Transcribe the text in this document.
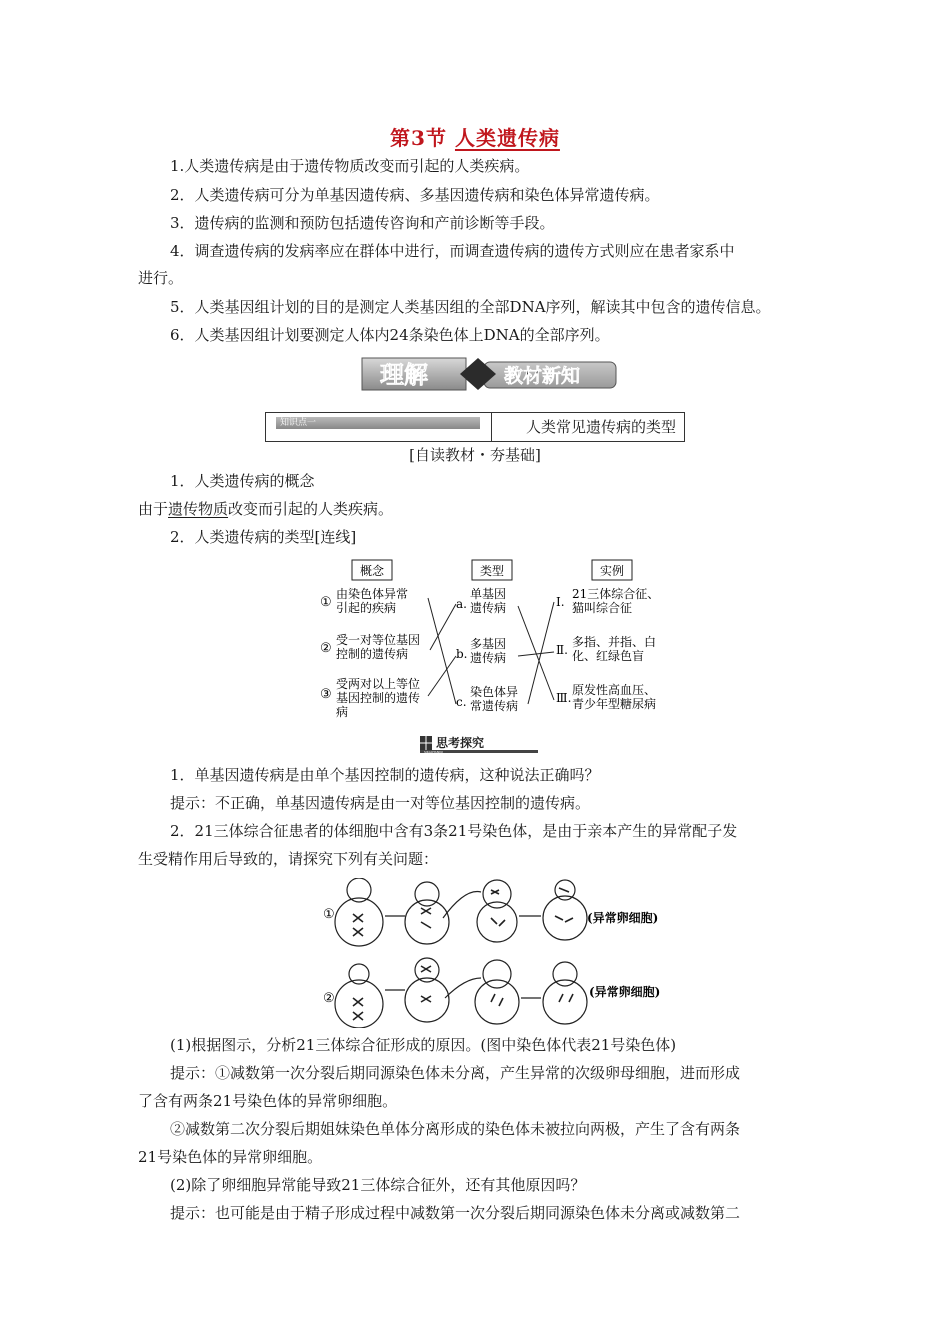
第3节 人类遗传病
1.人类遗传病是由于遗传物质改变而引起的人类疾病。
2．人类遗传病可分为单基因遗传病、多基因遗传病和染色体异常遗传病。
3．遗传病的监测和预防包括遗传咨询和产前诊断等手段。
4．调查遗传病的发病率应在群体中进行，而调查遗传病的遗传方式则应在患者家系中
进行。
5．人类基因组计划的目的是测定人类基因组的全部DNA序列，解读其中包含的遗传信息。
6．人类基因组计划要测定人体内24条染色体上DNA的全部序列。
理解	教材新知
知识点一	人类常见遗传病的类型
[自读教材・夯基础]
1．人类遗传病的概念
由于遗传物质改变而引起的人类疾病。
2．人类遗传病的类型[连线]
概念	类型	实例
①
由染色体异常
引起的疾病
②
受一对等位基因
控制的遗传病
③
受两对以上等位
基因控制的遗传
病
a.
单基因
遗传病
b.
多基因
遗传病
c.
染色体异
常遗传病
Ⅰ.
21三体综合征、
猫叫综合征
Ⅱ.
多指、并指、白
化、红绿色盲
Ⅲ.
原发性高血压、
青少年型糖尿病
思考探究
SIKAOTANJIU
1．单基因遗传病是由单个基因控制的遗传病，这种说法正确吗？
提示：不正确，单基因遗传病是由一对等位基因控制的遗传病。
2．21三体综合征患者的体细胞中含有3条21号染色体，是由于亲本产生的异常配子发
生受精作用后导致的，请探究下列有关问题：
①
②
(异常卵细胞)
(异常卵细胞)
(1)根据图示，分析21三体综合征形成的原因。(图中染色体代表21号染色体)
提示：①减数第一次分裂后期同源染色体未分离，产生异常的次级卵母细胞，进而形成
了含有两条21号染色体的异常卵细胞。
②减数第二次分裂后期姐妹染色单体分离形成的染色体未被拉向两极，产生了含有两条
21号染色体的异常卵细胞。
(2)除了卵细胞异常能导致21三体综合征外，还有其他原因吗？
提示：也可能是由于精子形成过程中减数第一次分裂后期同源染色体未分离或减数第二
